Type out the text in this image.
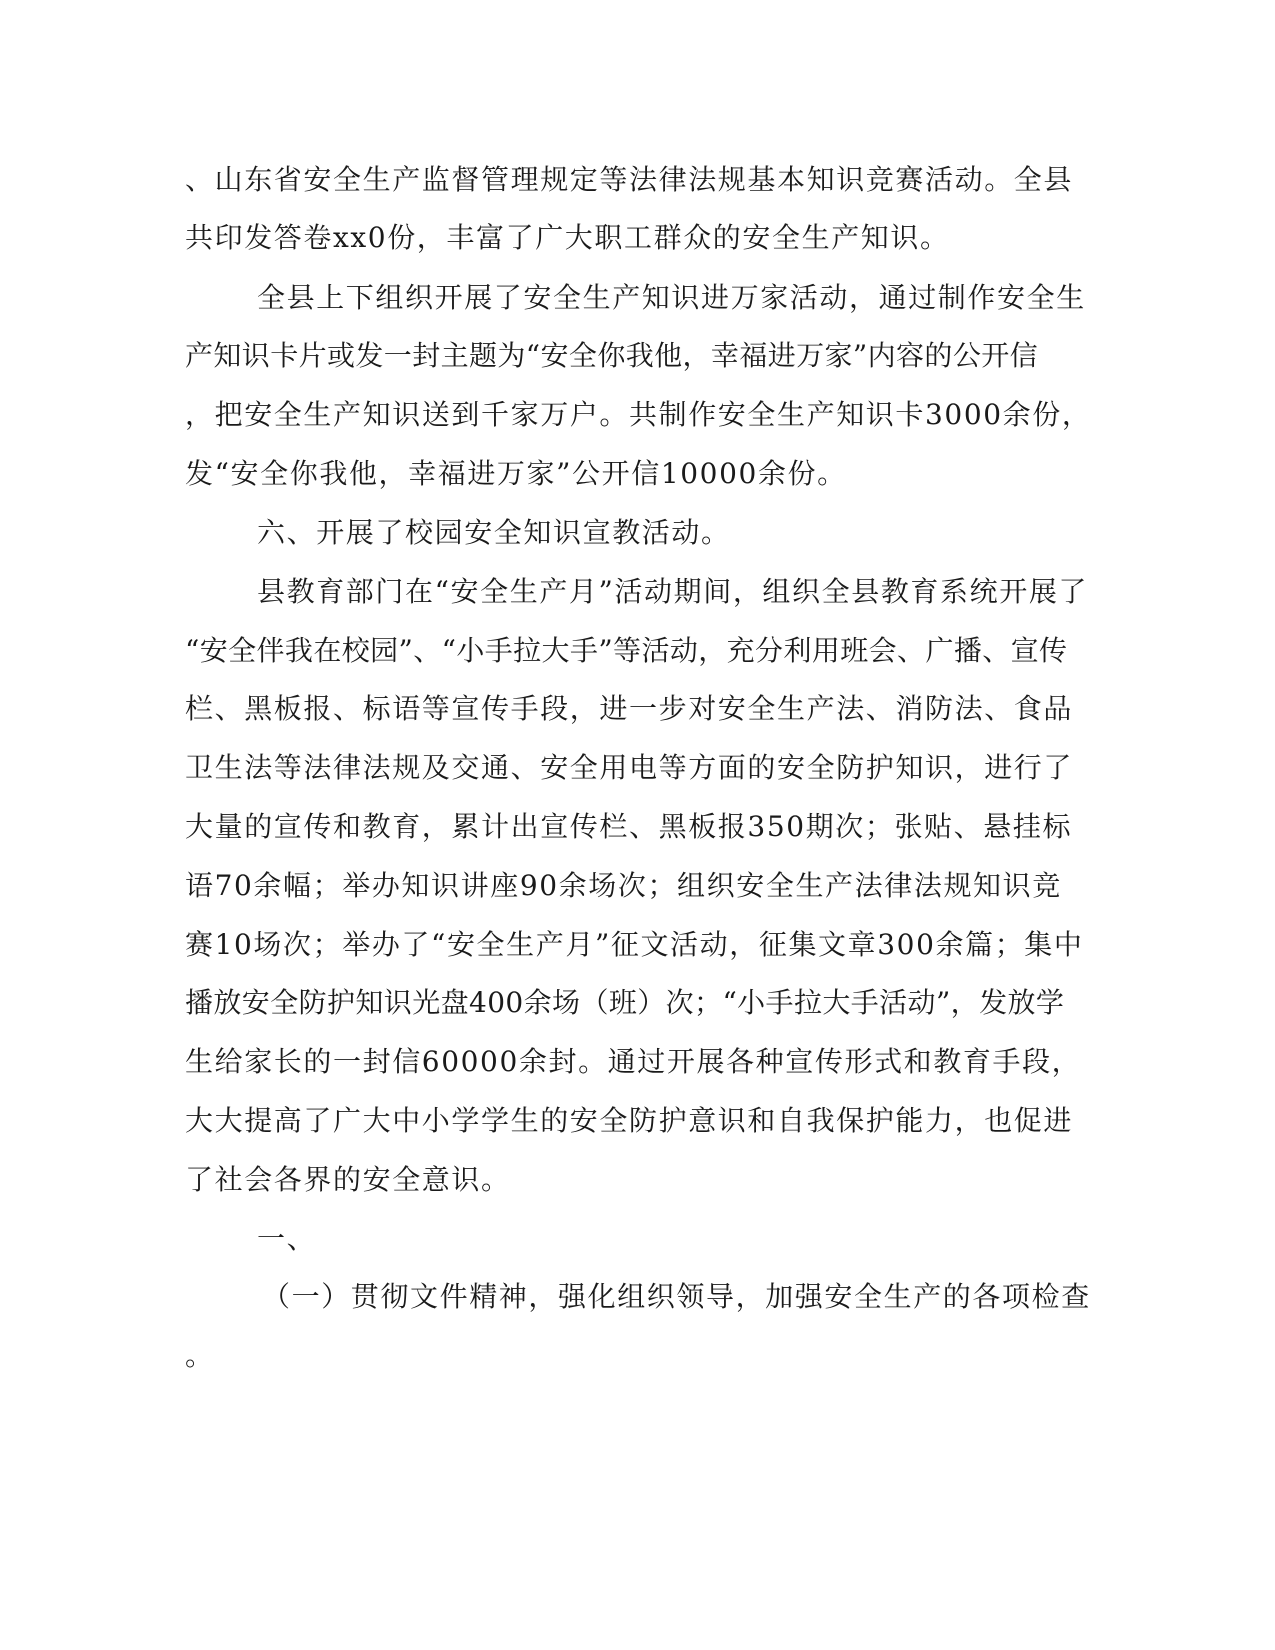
、山东省安全生产监督管理规定等法律法规基本知识竞赛活动。全县
共印发答卷xx0份，丰富了广大职工群众的安全生产知识。
全县上下组织开展了安全生产知识进万家活动，通过制作安全生
产知识卡片或发一封主题为“安全你我他，幸福进万家”内容的公开信
，把安全生产知识送到千家万户。共制作安全生产知识卡3000余份，
发“安全你我他，幸福进万家”公开信10000余份。
六、开展了校园安全知识宣教活动。
县教育部门在“安全生产月”活动期间，组织全县教育系统开展了
“安全伴我在校园”、“小手拉大手”等活动，充分利用班会、广播、宣传
栏、黑板报、标语等宣传手段，进一步对安全生产法、消防法、食品
卫生法等法律法规及交通、安全用电等方面的安全防护知识，进行了
大量的宣传和教育，累计出宣传栏、黑板报350期次；张贴、悬挂标
语70余幅；举办知识讲座90余场次；组织安全生产法律法规知识竞
赛10场次；举办了“安全生产月”征文活动，征集文章300余篇；集中
播放安全防护知识光盘400余场（班）次；“小手拉大手活动”，发放学
生给家长的一封信60000余封。通过开展各种宣传形式和教育手段，
大大提高了广大中小学学生的安全防护意识和自我保护能力，也促进
了社会各界的安全意识。
一、
（一）贯彻文件精神，强化组织领导，加强安全生产的各项检查
。
